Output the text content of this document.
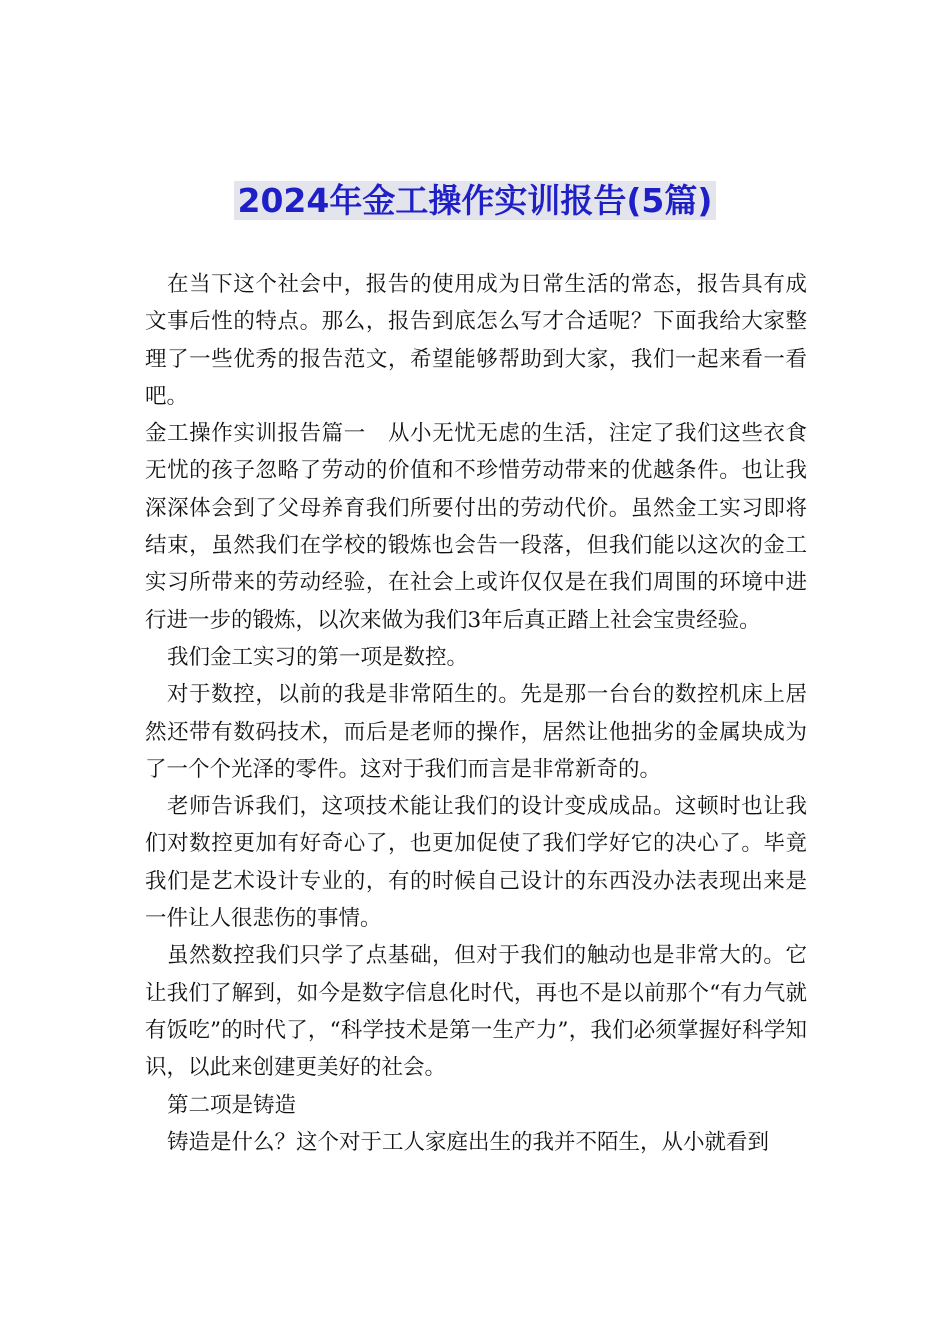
2024年金工操作实训报告(5篇)

在当下这个社会中，报告的使用成为日常生活的常态，报告具有成文事后性的特点。那么，报告到底怎么写才合适呢？下面我给大家整理了一些优秀的报告范文，希望能够帮助到大家，我们一起来看一看吧。

金工操作实训报告篇一　从小无忧无虑的生活，注定了我们这些衣食无忧的孩子忽略了劳动的价值和不珍惜劳动带来的优越条件。也让我深深体会到了父母养育我们所要付出的劳动代价。虽然金工实习即将结束，虽然我们在学校的锻炼也会告一段落，但我们能以这次的金工实习所带来的劳动经验，在社会上或许仅仅是在我们周围的环境中进行进一步的锻炼，以次来做为我们3年后真正踏上社会宝贵经验。

我们金工实习的第一项是数控。

对于数控，以前的我是非常陌生的。先是那一台台的数控机床上居然还带有数码技术，而后是老师的操作，居然让他拙劣的金属块成为了一个个光泽的零件。这对于我们而言是非常新奇的。

老师告诉我们，这项技术能让我们的设计变成成品。这顿时也让我们对数控更加有好奇心了，也更加促使了我们学好它的决心了。毕竟我们是艺术设计专业的，有的时候自己设计的东西没办法表现出来是一件让人很悲伤的事情。

虽然数控我们只学了点基础，但对于我们的触动也是非常大的。它让我们了解到，如今是数字信息化时代，再也不是以前那个“有力气就有饭吃”的时代了，“科学技术是第一生产力”，我们必须掌握好科学知识，以此来创建更美好的社会。

第二项是铸造

铸造是什么？这个对于工人家庭出生的我并不陌生，从小就看到
